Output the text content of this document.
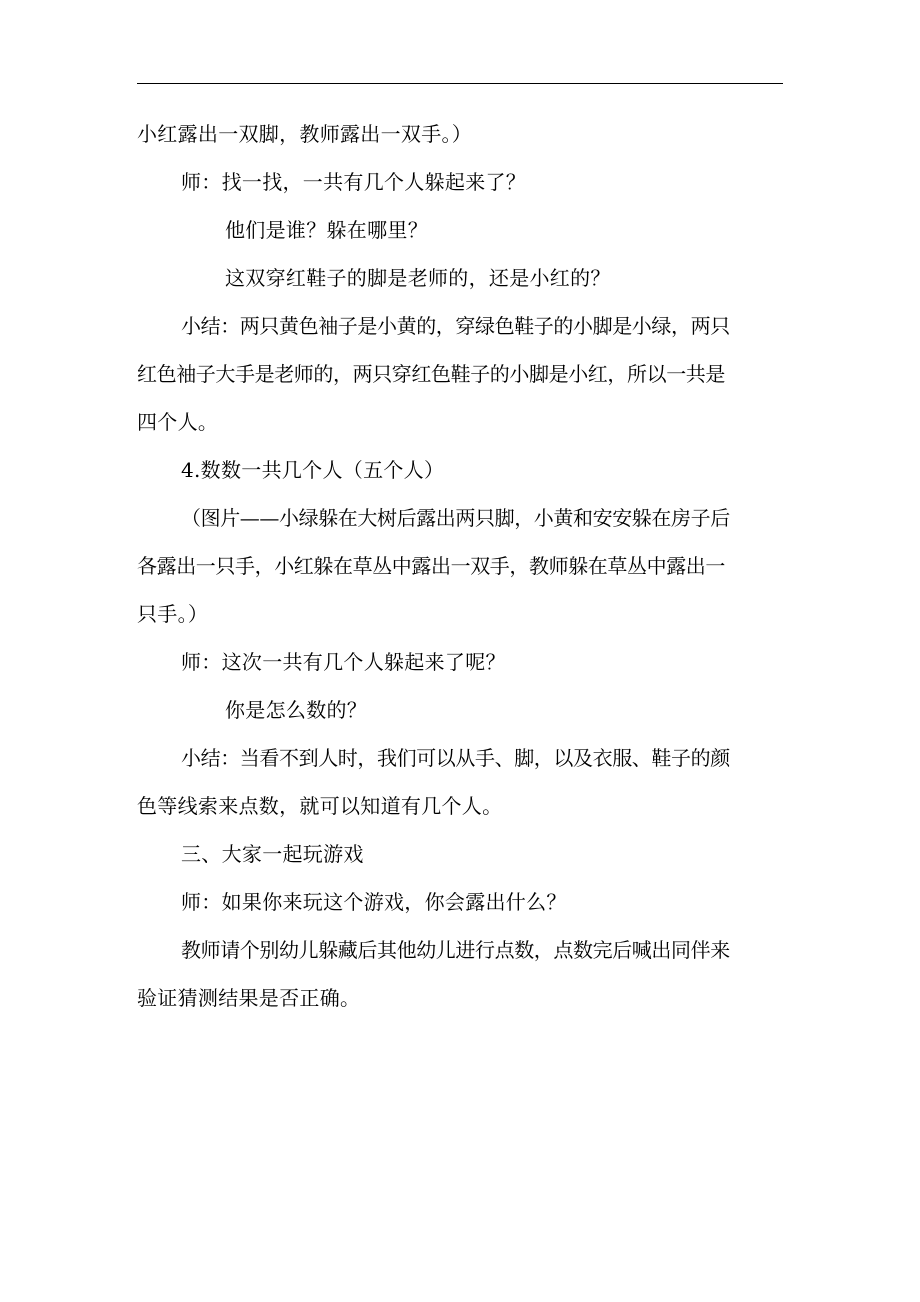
小红露出一双脚，教师露出一双手。）
师：找一找，一共有几个人躲起来了？
他们是谁？躲在哪里？
这双穿红鞋子的脚是老师的，还是小红的？
小结：两只黄色袖子是小黄的，穿绿色鞋子的小脚是小绿，两只
红色袖子大手是老师的，两只穿红色鞋子的小脚是小红，所以一共是
四个人。
4.数数一共几个人（五个人）
（图片——小绿躲在大树后露出两只脚，小黄和安安躲在房子后
各露出一只手，小红躲在草丛中露出一双手，教师躲在草丛中露出一
只手。）
师：这次一共有几个人躲起来了呢？
你是怎么数的？
小结：当看不到人时，我们可以从手、脚，以及衣服、鞋子的颜
色等线索来点数，就可以知道有几个人。
三、大家一起玩游戏
师：如果你来玩这个游戏，你会露出什么？
教师请个别幼儿躲藏后其他幼儿进行点数，点数完后喊出同伴来
验证猜测结果是否正确。
